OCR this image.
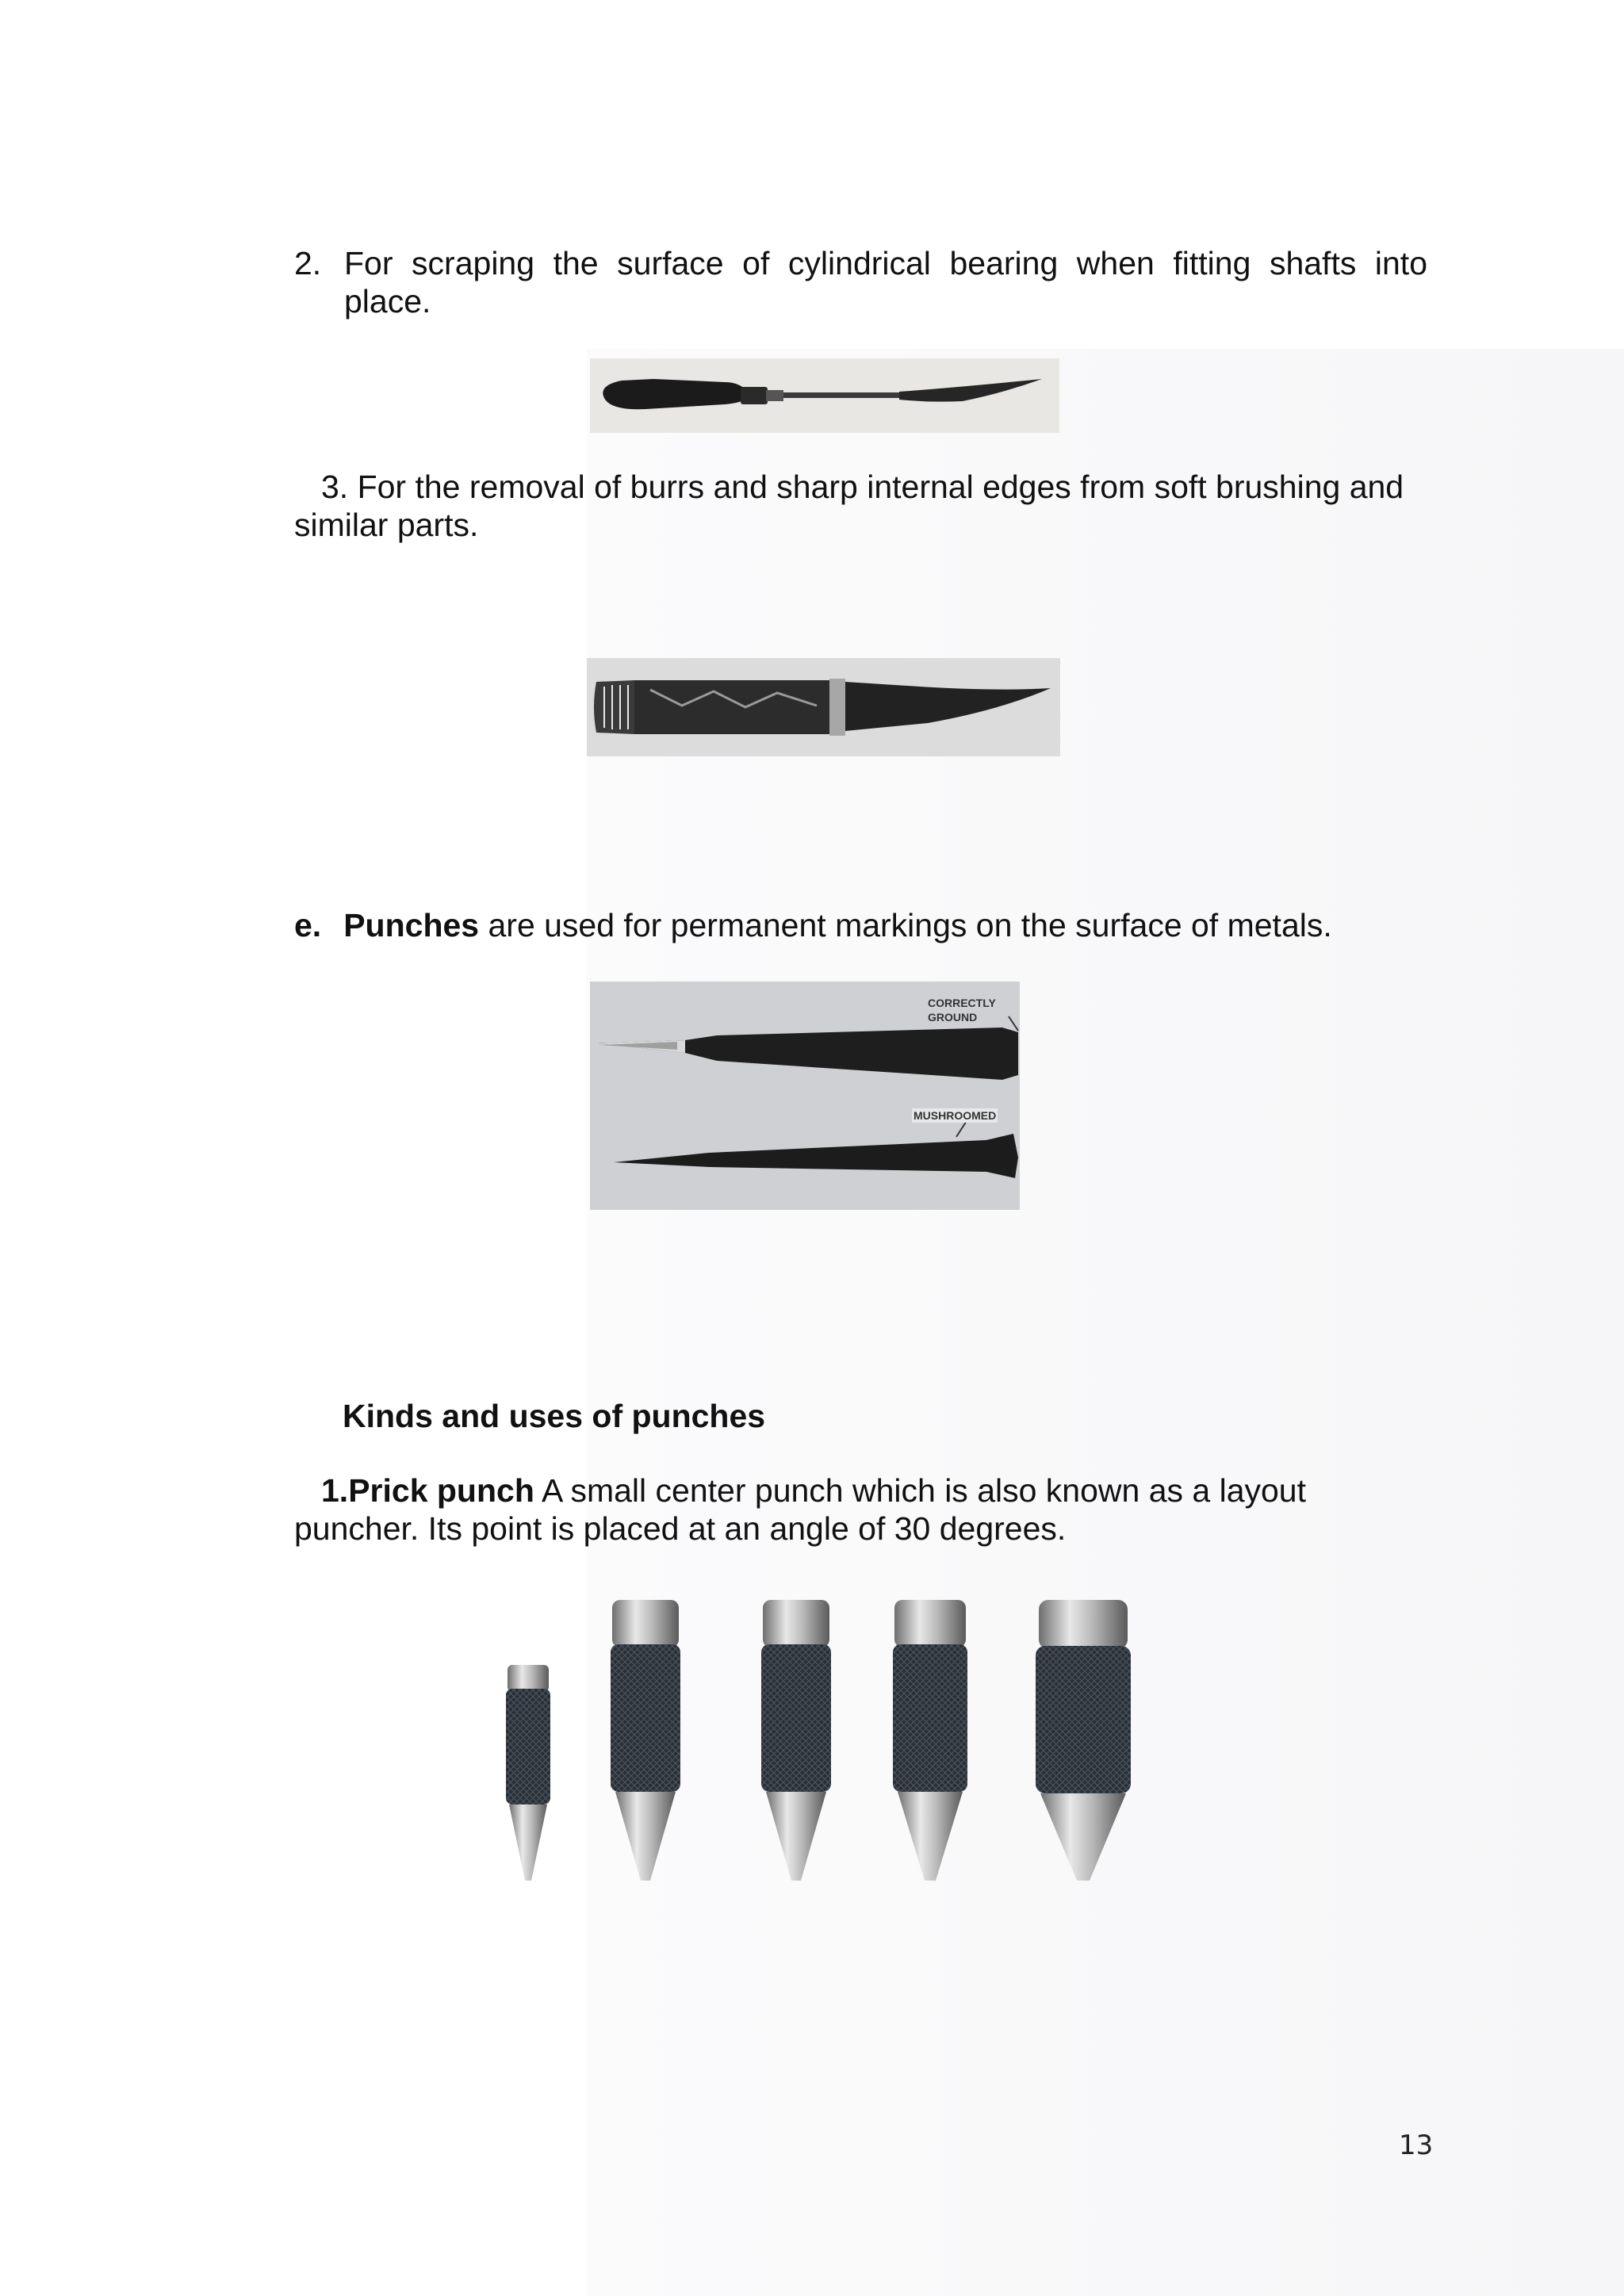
2. For scraping the surface of cylindrical bearing when fitting shafts into
place.
3. For the removal of burrs and sharp internal edges from soft brushing and
similar parts.
e. Punches are used for permanent markings on the surface of metals.
CORRECTLY
GROUND
MUSHROOMED
Kinds and uses of punches
1.Prick punch A small center punch which is also known as a layout
puncher. Its point is placed at an angle of 30 degrees.
13
